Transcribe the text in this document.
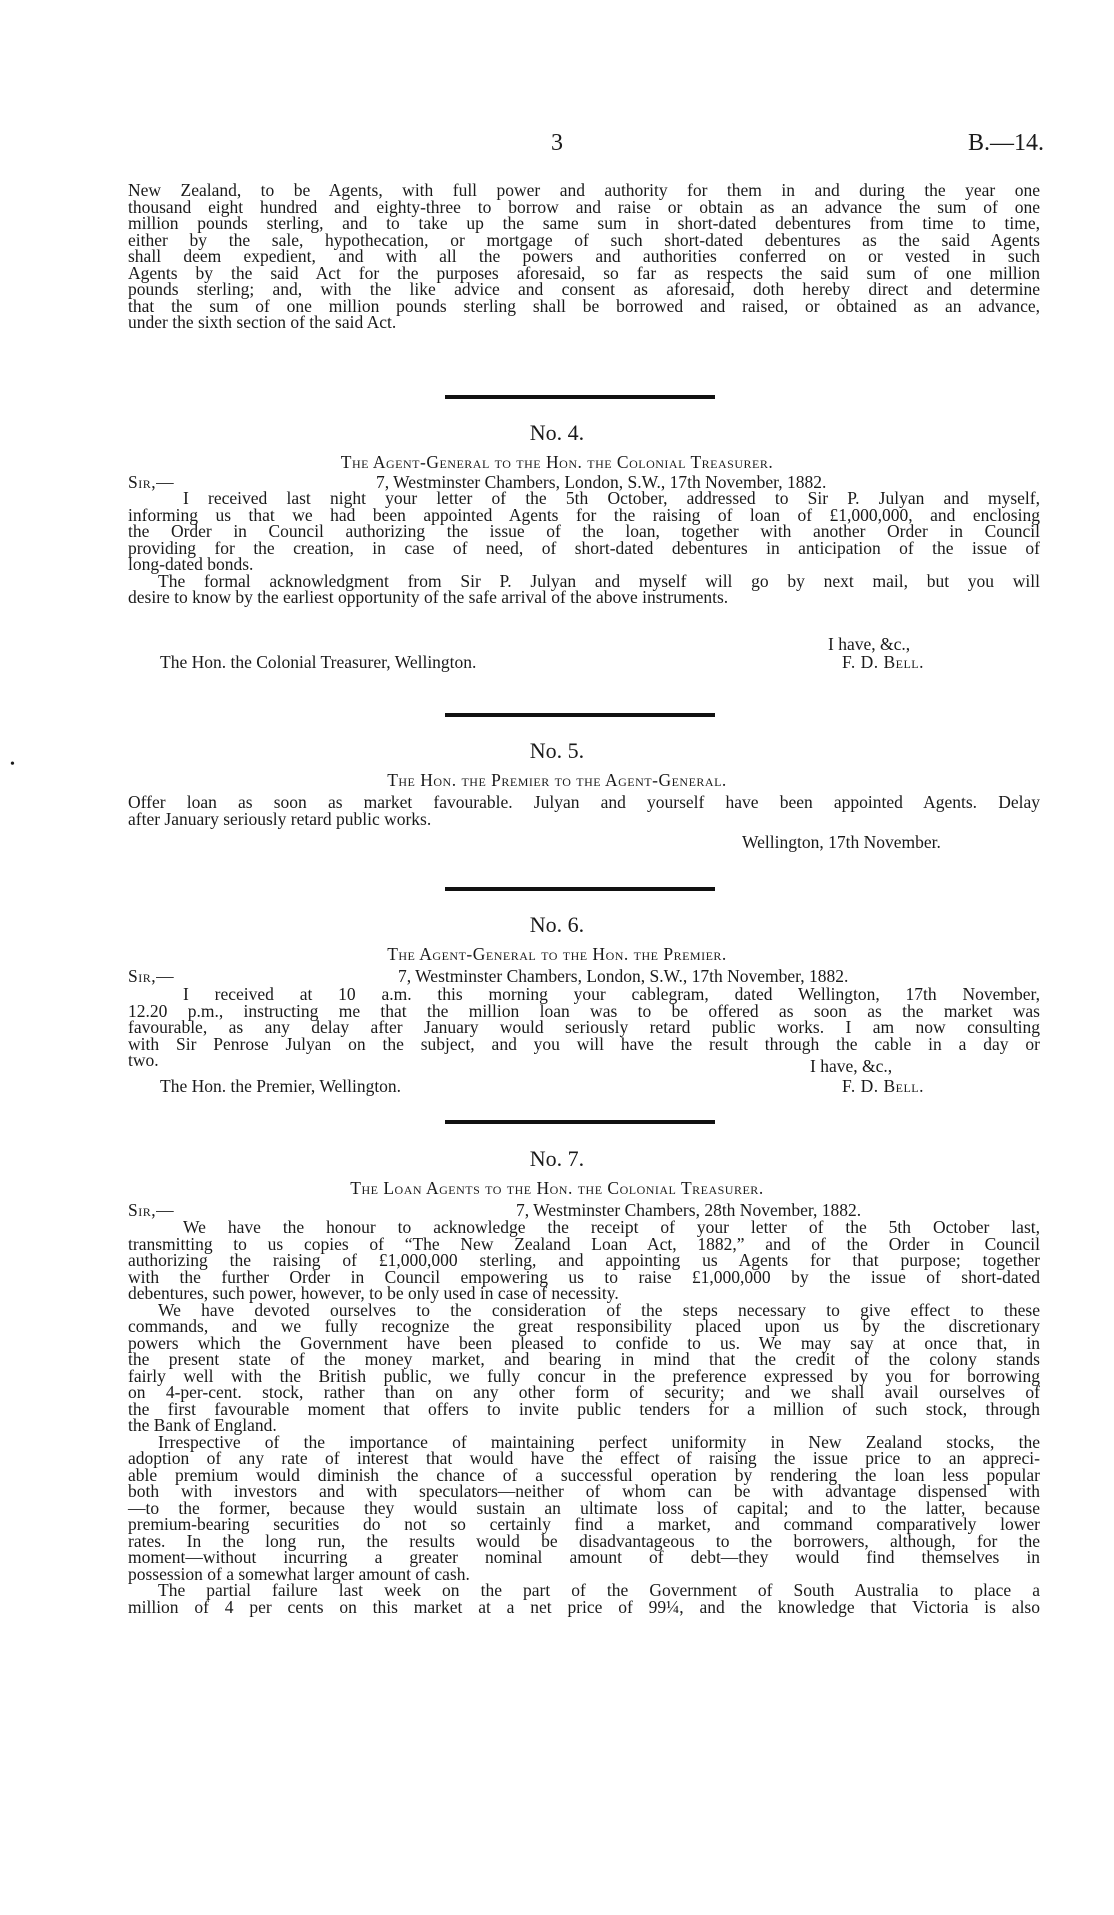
3	B.—14.

New Zealand, to be Agents, with full power and authority for them in and during the year one

thousand eight hundred and eighty-three to borrow and raise or obtain as an advance the sum of one

million pounds sterling, and to take up the same sum in short-dated debentures from time to time,

either by the sale, hypothecation, or mortgage of such short-dated debentures as the said Agents

shall deem expedient, and with all the powers and authorities conferred on or vested in such

Agents by the said Act for the purposes aforesaid, so far as respects the said sum of one million

pounds sterling; and, with the like advice and consent as aforesaid, doth hereby direct and determine

that the sum of one million pounds sterling shall be borrowed and raised, or obtained as an advance,

under the sixth section of the said Act.

No. 4.
The Agent-General to the Hon. the Colonial Treasurer.
Sir,—	7, Westminster Chambers, London, S.W., 17th November, 1882.

I received last night your letter of the 5th October, addressed to Sir P. Julyan and myself,

informing us that we had been appointed Agents for the raising of loan of £1,000,000, and enclosing

the Order in Council authorizing the issue of the loan, together with another Order in Council

providing for the creation, in case of need, of short-dated debentures in anticipation of the issue of

long-dated bonds.

The formal acknowledgment from Sir P. Julyan and myself will go by next mail, but you will

desire to know by the earliest opportunity of the safe arrival of the above instruments.

I have, &c.,
The Hon. the Colonial Treasurer, Wellington.	F. D. Bell.
No. 5.
The Hon. the Premier to the Agent-General.

Offer loan as soon as market favourable. Julyan and yourself have been appointed Agents. Delay

after January seriously retard public works.

Wellington, 17th November.
No. 6.
The Agent-General to the Hon. the Premier.
Sir,—	7, Westminster Chambers, London, S.W., 17th November, 1882.

I received at 10 a.m. this morning your cablegram, dated Wellington, 17th November,

12.20 p.m., instructing me that the million loan was to be offered as soon as the market was

favourable, as any delay after January would seriously retard public works. I am now consulting

with Sir Penrose Julyan on the subject, and you will have the result through the cable in a day or

two.	I have, &c.,
The Hon. the Premier, Wellington.	F. D. Bell.
No. 7.
The Loan Agents to the Hon. the Colonial Treasurer.
Sir,—	7, Westminster Chambers, 28th November, 1882.

We have the honour to acknowledge the receipt of your letter of the 5th October last,

transmitting to us copies of “The New Zealand Loan Act, 1882,” and of the Order in Council

authorizing the raising of £1,000,000 sterling, and appointing us Agents for that purpose; together

with the further Order in Council empowering us to raise £1,000,000 by the issue of short-dated

debentures, such power, however, to be only used in case of necessity.

We have devoted ourselves to the consideration of the steps necessary to give effect to these

commands, and we fully recognize the great responsibility placed upon us by the discretionary

powers which the Government have been pleased to confide to us. We may say at once that, in

the present state of the money market, and bearing in mind that the credit of the colony stands

fairly well with the British public, we fully concur in the preference expressed by you for borrowing

on 4-per-cent. stock, rather than on any other form of security; and we shall avail ourselves of

the first favourable moment that offers to invite public tenders for a million of such stock, through

the Bank of England.

Irrespective of the importance of maintaining perfect uniformity in New Zealand stocks, the

adoption of any rate of interest that would have the effect of raising the issue price to an appreci-

able premium would diminish the chance of a successful operation by rendering the loan less popular

both with investors and with speculators—neither of whom can be with advantage dispensed with

—to the former, because they would sustain an ultimate loss of capital; and to the latter, because

premium-bearing securities do not so certainly find a market, and command comparatively lower

rates. In the long run, the results would be disadvantageous to the borrowers, although, for the

moment—without incurring a greater nominal amount of debt—they would find themselves in

possession of a somewhat larger amount of cash.

The partial failure last week on the part of the Government of South Australia to place a

million of 4 per cents on this market at a net price of 99¼, and the knowledge that Victoria is also

•
